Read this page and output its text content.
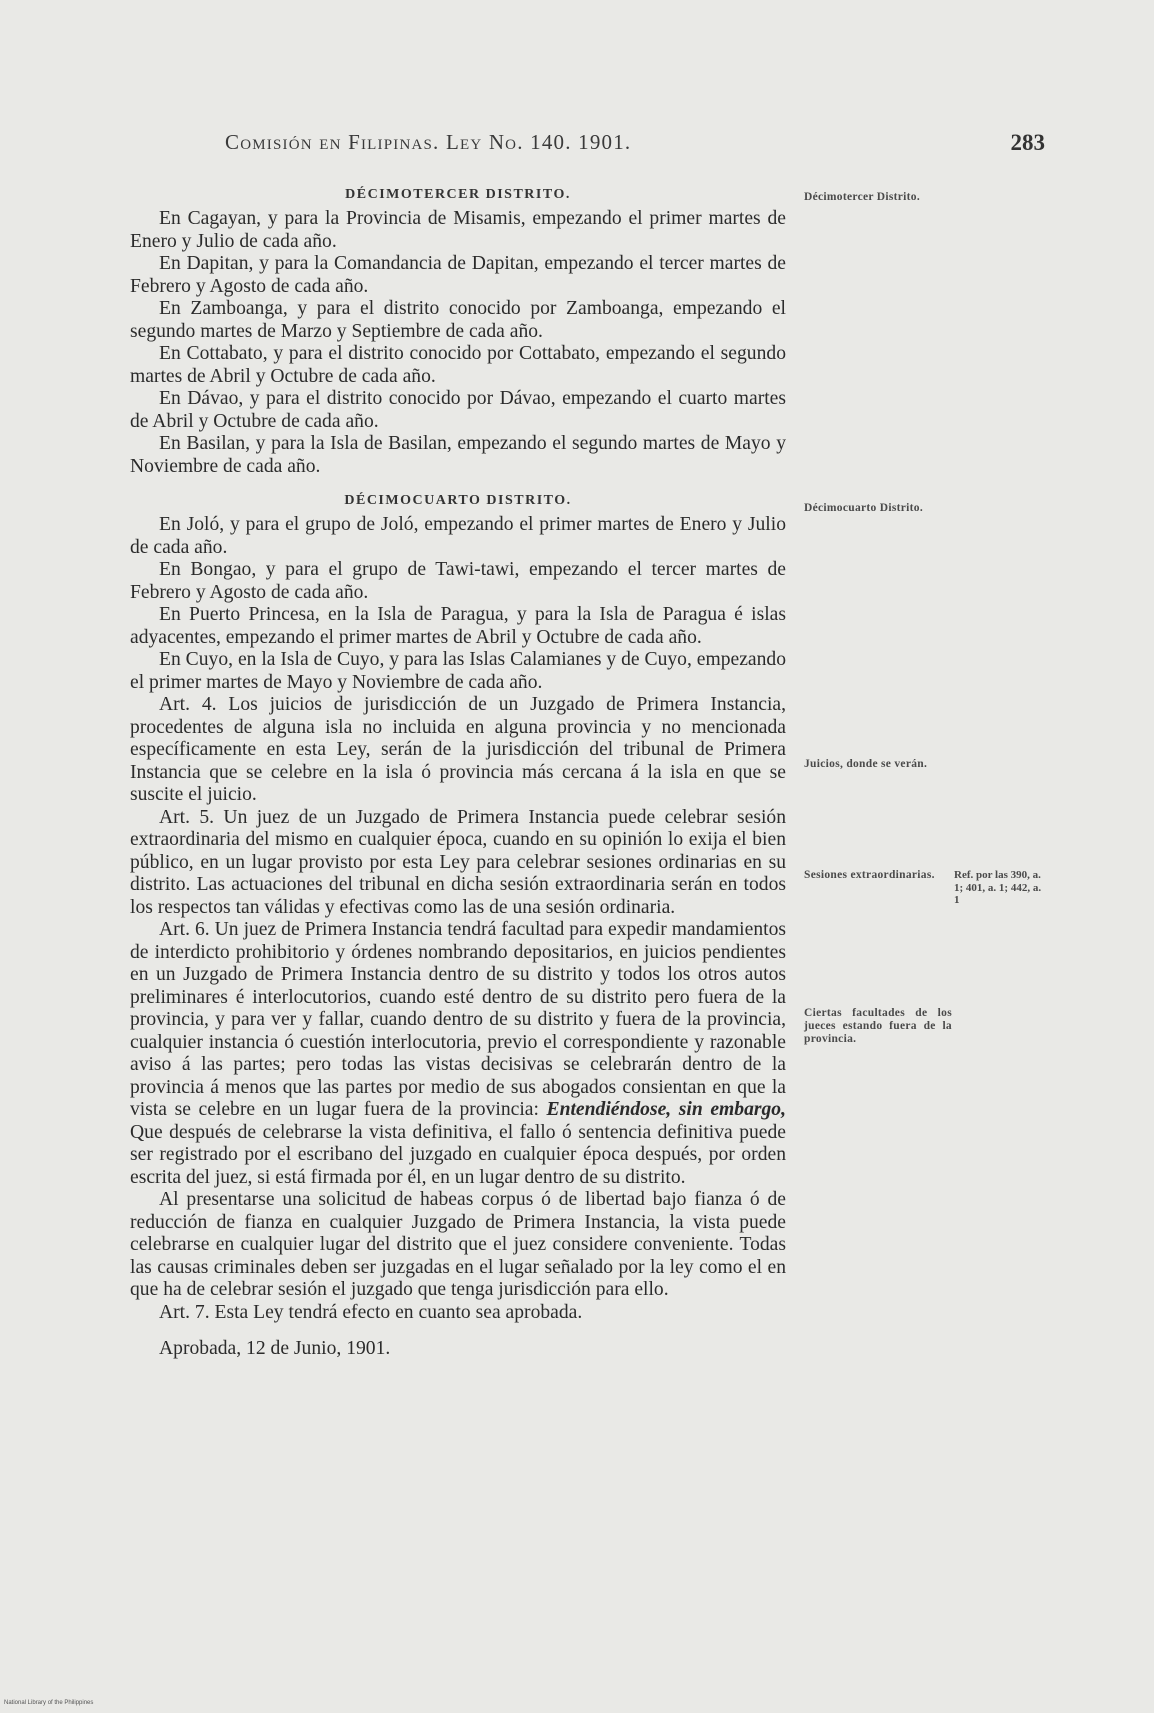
Comisión en Filipinas. Ley No. 140. 1901.	283
DÉCIMOTERCER DISTRITO.

En Cagayan, y para la Provincia de Misamis, empezando el primer martes de Enero y Julio de cada año.

En Dapitan, y para la Comandancia de Dapitan, empezando el tercer martes de Febrero y Agosto de cada año.

En Zamboanga, y para el distrito conocido por Zamboanga, empezando el segundo martes de Marzo y Septiembre de cada año.

En Cottabato, y para el distrito conocido por Cottabato, empezando el segundo martes de Abril y Octubre de cada año.

En Dávao, y para el distrito conocido por Dávao, empezando el cuarto martes de Abril y Octubre de cada año.

En Basilan, y para la Isla de Basilan, empezando el segundo martes de Mayo y Noviembre de cada año.

DÉCIMOCUARTO DISTRITO.

En Joló, y para el grupo de Joló, empezando el primer martes de Enero y Julio de cada año.

En Bongao, y para el grupo de Tawi-tawi, empezando el tercer martes de Febrero y Agosto de cada año.

En Puerto Princesa, en la Isla de Paragua, y para la Isla de Paragua é islas adyacentes, empezando el primer martes de Abril y Octubre de cada año.

En Cuyo, en la Isla de Cuyo, y para las Islas Calamianes y de Cuyo, empezando el primer martes de Mayo y Noviembre de cada año.

Art. 4. Los juicios de jurisdicción de un Juzgado de Primera Instancia, procedentes de alguna isla no incluida en alguna provincia y no mencionada específicamente en esta Ley, serán de la jurisdicción del tribunal de Primera Instancia que se celebre en la isla ó provincia más cercana á la isla en que se suscite el juicio.

Art. 5. Un juez de un Juzgado de Primera Instancia puede celebrar sesión extraordinaria del mismo en cualquier época, cuando en su opinión lo exija el bien público, en un lugar provisto por esta Ley para celebrar sesiones ordinarias en su distrito. Las actuaciones del tribunal en dicha sesión extraordinaria serán en todos los respectos tan válidas y efectivas como las de una sesión ordinaria.

Art. 6. Un juez de Primera Instancia tendrá facultad para expedir mandamientos de interdicto prohibitorio y órdenes nombrando depositarios, en juicios pendientes en un Juzgado de Primera Instancia dentro de su distrito y todos los otros autos preliminares é interlocutorios, cuando esté dentro de su distrito pero fuera de la provincia, y para ver y fallar, cuando dentro de su distrito y fuera de la provincia, cualquier instancia ó cuestión interlocutoria, previo el correspondiente y razonable aviso á las partes; pero todas las vistas decisivas se celebrarán dentro de la provincia á menos que las partes por medio de sus abogados consientan en que la vista se celebre en un lugar fuera de la provincia: Entendiéndose, sin embargo, Que después de celebrarse la vista definitiva, el fallo ó sentencia definitiva puede ser registrado por el escribano del juzgado en cualquier época después, por orden escrita del juez, si está firmada por él, en un lugar dentro de su distrito.

Al presentarse una solicitud de habeas corpus ó de libertad bajo fianza ó de reducción de fianza en cualquier Juzgado de Primera Instancia, la vista puede celebrarse en cualquier lugar del distrito que el juez considere conveniente. Todas las causas criminales deben ser juzgadas en el lugar señalado por la ley como el en que ha de celebrar sesión el juzgado que tenga jurisdicción para ello.

Art. 7. Esta Ley tendrá efecto en cuanto sea aprobada.

Aprobada, 12 de Junio, 1901.

Décimotercer Distrito.
Décimocuarto Distrito.
Juicios, donde se verán.
Sesiones extraordinarias.	Ref. por las 390, a. 1; 401, a. 1; 442, a. 1
Ciertas facultades de los jueces estando fuera de la provincia.
National Library of the Philippines
